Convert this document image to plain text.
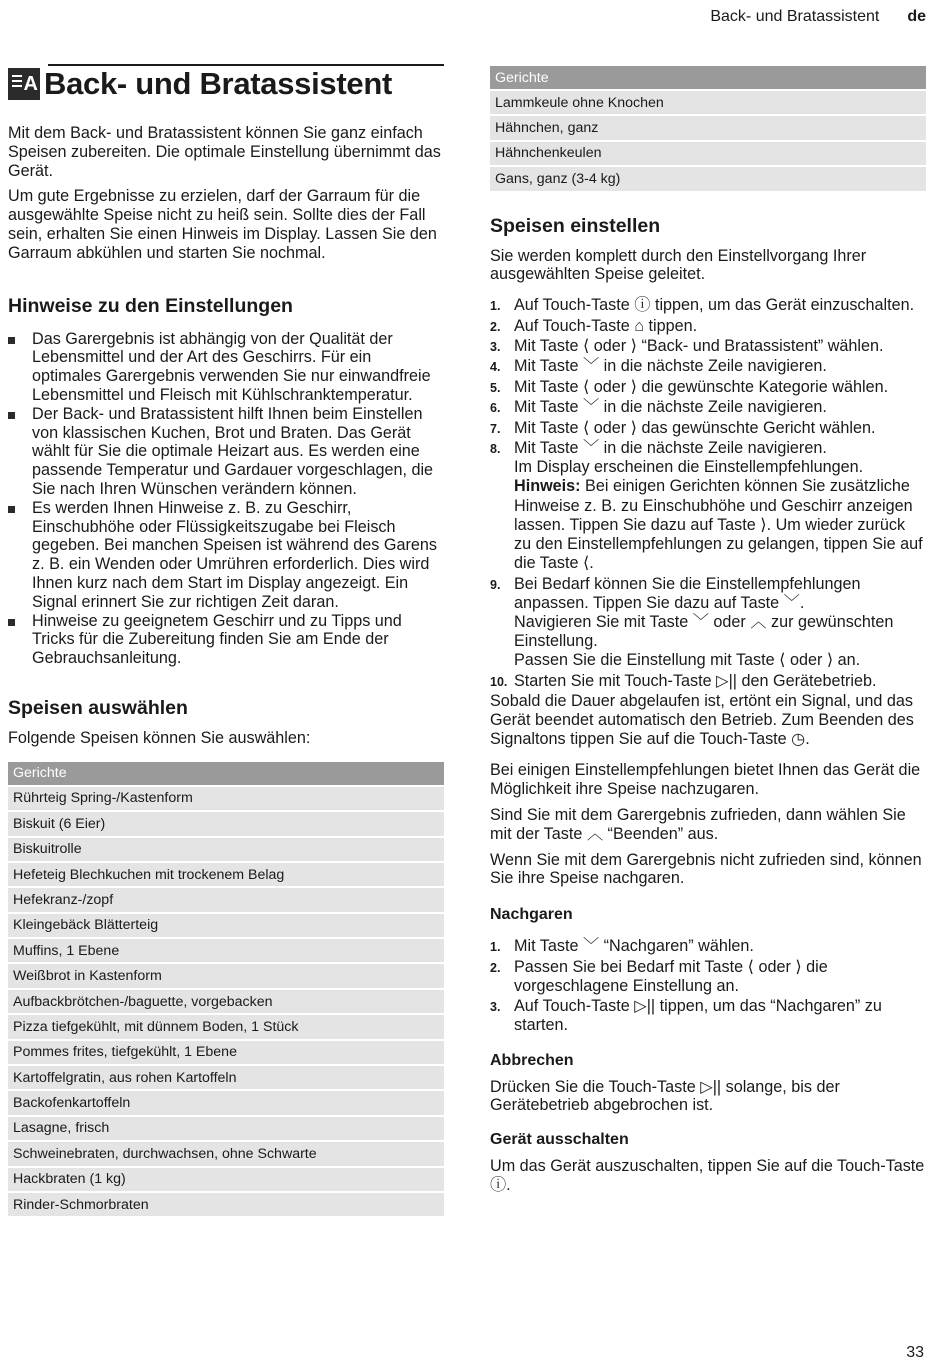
Back- und Bratassistent de
A Back- und Bratassistent

Mit dem Back- und Bratassistent können Sie ganz einfach Speisen zubereiten. Die optimale Einstellung übernimmt das Gerät.

Um gute Ergebnisse zu erzielen, darf der Garraum für die ausgewählte Speise nicht zu heiß sein. Sollte dies der Fall sein, erhalten Sie einen Hinweis im Display. Lassen Sie den Garraum abkühlen und starten Sie nochmal.

Hinweise zu den Einstellungen
Das Garergebnis ist abhängig von der Qualität der Lebensmittel und der Art des Geschirrs. Für ein optimales Garergebnis verwenden Sie nur einwandfreie Lebensmittel und Fleisch mit Kühlschranktemperatur.
Der Back- und Bratassistent hilft Ihnen beim Einstellen von klassischen Kuchen, Brot und Braten. Das Gerät wählt für Sie die optimale Heizart aus. Es werden eine passende Temperatur und Gardauer vorgeschlagen, die Sie nach Ihren Wünschen verändern können.
Es werden Ihnen Hinweise z. B. zu Geschirr, Einschubhöhe oder Flüssigkeitszugabe bei Fleisch gegeben. Bei manchen Speisen ist während des Garens z. B. ein Wenden oder Umrühren erforderlich. Dies wird Ihnen kurz nach dem Start im Display angezeigt. Ein Signal erinnert Sie zur richtigen Zeit daran.
Hinweise zu geeignetem Geschirr und zu Tipps und Tricks für die Zubereitung finden Sie am Ende der Gebrauchsanleitung.
Speisen auswählen

Folgende Speisen können Sie auswählen:

Gerichte
Rührteig Spring-/Kastenform
Biskuit (6 Eier)
Biskuitrolle
Hefeteig Blechkuchen mit trockenem Belag
Hefekranz-/zopf
Kleingebäck Blätterteig
Muffins, 1 Ebene
Weißbrot in Kastenform
Aufbackbrötchen-/baguette, vorgebacken
Pizza tiefgekühlt, mit dünnem Boden, 1 Stück
Pommes frites, tiefgekühlt, 1 Ebene
Kartoffelgratin, aus rohen Kartoffeln
Backofenkartoffeln
Lasagne, frisch
Schweinebraten, durchwachsen, ohne Schwarte
Hackbraten (1 kg)
Rinder-Schmorbraten
Gerichte
Lammkeule ohne Knochen
Hähnchen, ganz
Hähnchenkeulen
Gans, ganz (3-4 kg)
Speisen einstellen

Sie werden komplett durch den Einstellvorgang Ihrer ausgewählten Speise geleitet.

1. Auf Touch-Taste ⓘ tippen, um das Gerät einzuschalten.
2. Auf Touch-Taste ⌂ tippen.
3. Mit Taste ⟨ oder ⟩ “Back- und Bratassistent” wählen.
4. Mit Taste ﹀ in die nächste Zeile navigieren.
5. Mit Taste ⟨ oder ⟩ die gewünschte Kategorie wählen.
6. Mit Taste ﹀ in die nächste Zeile navigieren.
7. Mit Taste ⟨ oder ⟩ das gewünschte Gericht wählen.
8. Mit Taste ﹀ in die nächste Zeile navigieren.
Im Display erscheinen die Einstellempfehlungen.
Hinweis: Bei einigen Gerichten können Sie zusätzliche Hinweise z. B. zu Einschubhöhe und Geschirr anzeigen lassen. Tippen Sie dazu auf Taste ⟩. Um wieder zurück zu den Einstellempfehlungen zu gelangen, tippen Sie auf die Taste ⟨.
9. Bei Bedarf können Sie die Einstellempfehlungen anpassen. Tippen Sie dazu auf Taste ﹀.
Navigieren Sie mit Taste ﹀ oder ︿ zur gewünschten Einstellung.
Passen Sie die Einstellung mit Taste ⟨ oder ⟩ an.
10. Starten Sie mit Touch-Taste ▷|| den Gerätebetrieb.

Sobald die Dauer abgelaufen ist, ertönt ein Signal, und das Gerät beendet automatisch den Betrieb. Zum Beenden des Signaltons tippen Sie auf die Touch-Taste ◷.

Bei einigen Einstellempfehlungen bietet Ihnen das Gerät die Möglichkeit ihre Speise nachzugaren.

Sind Sie mit dem Garergebnis zufrieden, dann wählen Sie mit der Taste ︿ “Beenden” aus.

Wenn Sie mit dem Garergebnis nicht zufrieden sind, können Sie ihre Speise nachgaren.

Nachgaren
1. Mit Taste ﹀ “Nachgaren” wählen.
2. Passen Sie bei Bedarf mit Taste ⟨ oder ⟩ die vorgeschlagene Einstellung an.
3. Auf Touch-Taste ▷|| tippen, um das “Nachgaren” zu starten.
Abbrechen

Drücken Sie die Touch-Taste ▷|| solange, bis der Gerätebetrieb abgebrochen ist.

Gerät ausschalten

Um das Gerät auszuschalten, tippen Sie auf die Touch-Taste ⓘ.

33
